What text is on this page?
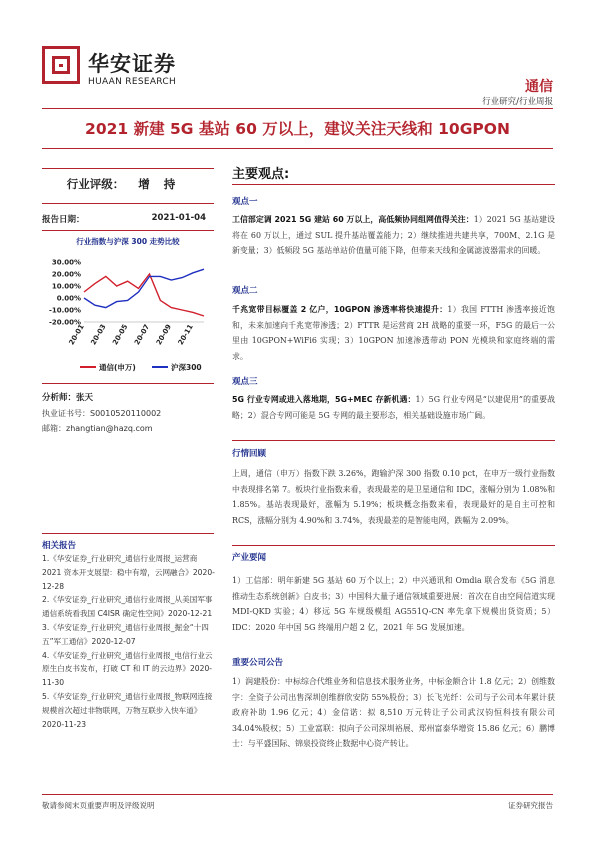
华安证券
HUAAN RESEARCH	通信
行业研究/行业周报
2021 新建 5G 基站 60 万以上，建议关注天线和 10GPON
行业评级： 增持
报告日期：	2021-01-04
行业指数与沪深 300 走势比较
30.00%
20.00%
10.00%
0.00%
-10.00%
-20.00%
20-01 20-03 20-05 20-07 20-09 20-11
通信(申万)	沪深300
分析师：张天
执业证书号：S0010520110002
邮箱：zhangtian@hazq.com
相关报告
1.《华安证券_行业研究_通信行业周报_运营商 2021 资本开支展望：稳中有增，云网融合》2020-12-28
2.《华安证券_行业研究_通信行业周报_从美国军事通信系统看我国 C4ISR 确定性空间》2020-12-21
3.《华安证券_行业研究_通信行业周报_掘金“十四五”军工通信》2020-12-07
4.《华安证券_行业研究_通信行业周报_电信行业云原生白皮书发布，打破 CT 和 IT 的云边界》2020-11-30
5.《华安证券_行业研究_通信行业周报_物联网连接规模首次超过非物联网，万物互联步入快车道》2020-11-23
主要观点:
观点一
工信部定调 2021 5G 建站 60 万以上，高低频协同组网值得关注：1）2021 5G 基站建设将在 60 万以上，通过 SUL 提升基站覆盖能力；2）继续推进共建共享，700M、2.1G 是新变量；3）低频段 5G 基站单站价值量可能下降，但带来天线和金属滤波器需求的回暖。
观点二
千兆宽带目标覆盖 2 亿户，10GPON 渗透率将快速提升：1）我国 FTTH 渗透率接近饱和，未来加速向千兆宽带渗透；2）FTTR 是运营商 2H 战略的重要一环，F5G 的最后一公里由 10GPON+WiFi6 实现；3）10GPON 加速渗透带动 PON 光模块和家庭终端的需求。
观点三
5G 行业专网或进入落地期，5G+MEC 存新机遇：1）5G 行业专网是“以建促用”的重要战略；2）混合专网可能是 5G 专网的最主要形态，相关基础设施市场广阔。
行情回顾
上周，通信（申万）指数下跌 3.26%，跑输沪深 300 指数 0.10 pct，在申万一级行业指数中表现排名第 7。板块行业指数来看，表现最差的是卫星通信和 IDC，涨幅分别为 1.08%和 1.85%。基站表现最好，涨幅为 5.19%；板块概念指数来看，表现最好的是自主可控和 RCS，涨幅分别为 4.90%和 3.74%，表现最差的是智能电网，跌幅为 2.09%。
产业要闻
1）工信部：明年新建 5G 基站 60 万个以上；2）中兴通讯和 Omdia 联合发布《5G 消息推动生态系统创新》白皮书；3）中国科大量子通信领域重要进展：首次在自由空间信道实现 MDI-QKD 实验；4）移远 5G 车规级模组 AG551Q-CN 率先拿下规模出货资质；5）IDC：2020 年中国 5G 终端用户超 2 亿，2021 年 5G 发展加速。
重要公司公告
1）润建股份：中标综合代维业务和信息技术服务业务，中标金额合计 1.8 亿元；2）创维数字：全资子公司出售深圳创维群欣安防 55%股份；3）长飞光纤：公司与子公司本年累计获政府补助 1.96 亿元；4）金信诺：拟 8,510 万元转让子公司武汉钧恒科技有限公司 34.04%股权；5）工业富联：拟向子公司深圳裕展、郑州富泰华增资 15.86 亿元；6）鹏博士：与平盛国际、锦泉投资终止数据中心资产转让。
敬请参阅末页重要声明及评级说明	证券研究报告
